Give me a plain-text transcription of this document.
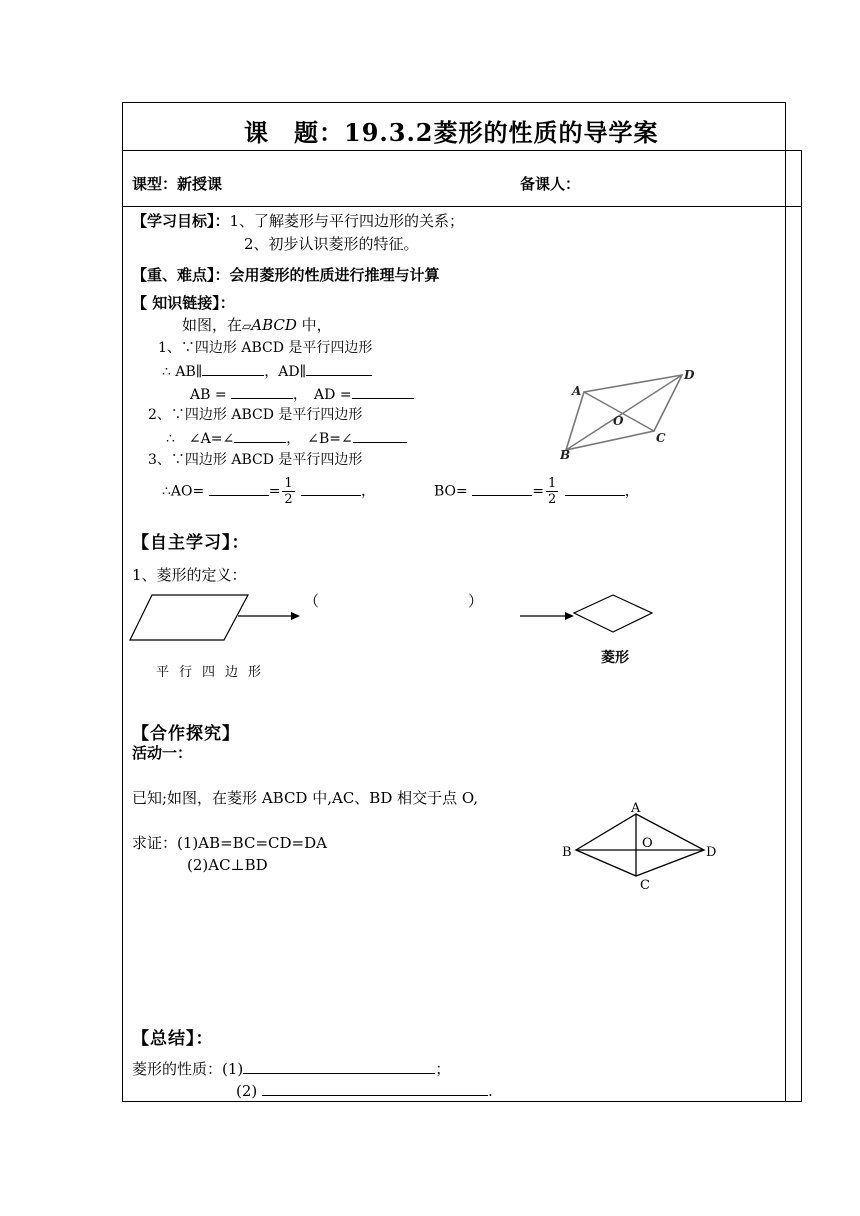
课　题：19.3.2菱形的性质的导学案
课型：新授课	备课人：
【学习目标】：1、了解菱形与平行四边形的关系；
2、初步认识菱形的特征。
【重、难点】：会用菱形的性质进行推理与计算
【 知识链接】：
如图，在▱ABCD 中，
1、∵四边形 ABCD 是平行四边形
∴ AB∥	，AD∥
AB =	，　AD =
2、∵四边形 ABCD 是平行四边形
∴　∠A=∠	，　∠B=∠
3、∵四边形 ABCD 是平行四边形
∴AO=	= $\frac{1}{2}$	，	BO=	= $\frac{1}{2}$	，
A
D
O
C
B
【自主学习】：
1、菱形的定义：
（	）
平行四边形
菱形
【合作探究】
活动一：
已知;如图，在菱形 ABCD 中,AC、BD 相交于点 O,
求证：(1)AB=BC=CD=DA
(2)AC⊥BD
A
O
B	D
C
【总结】：
菱形的性质：(1)	；
(2)	.
